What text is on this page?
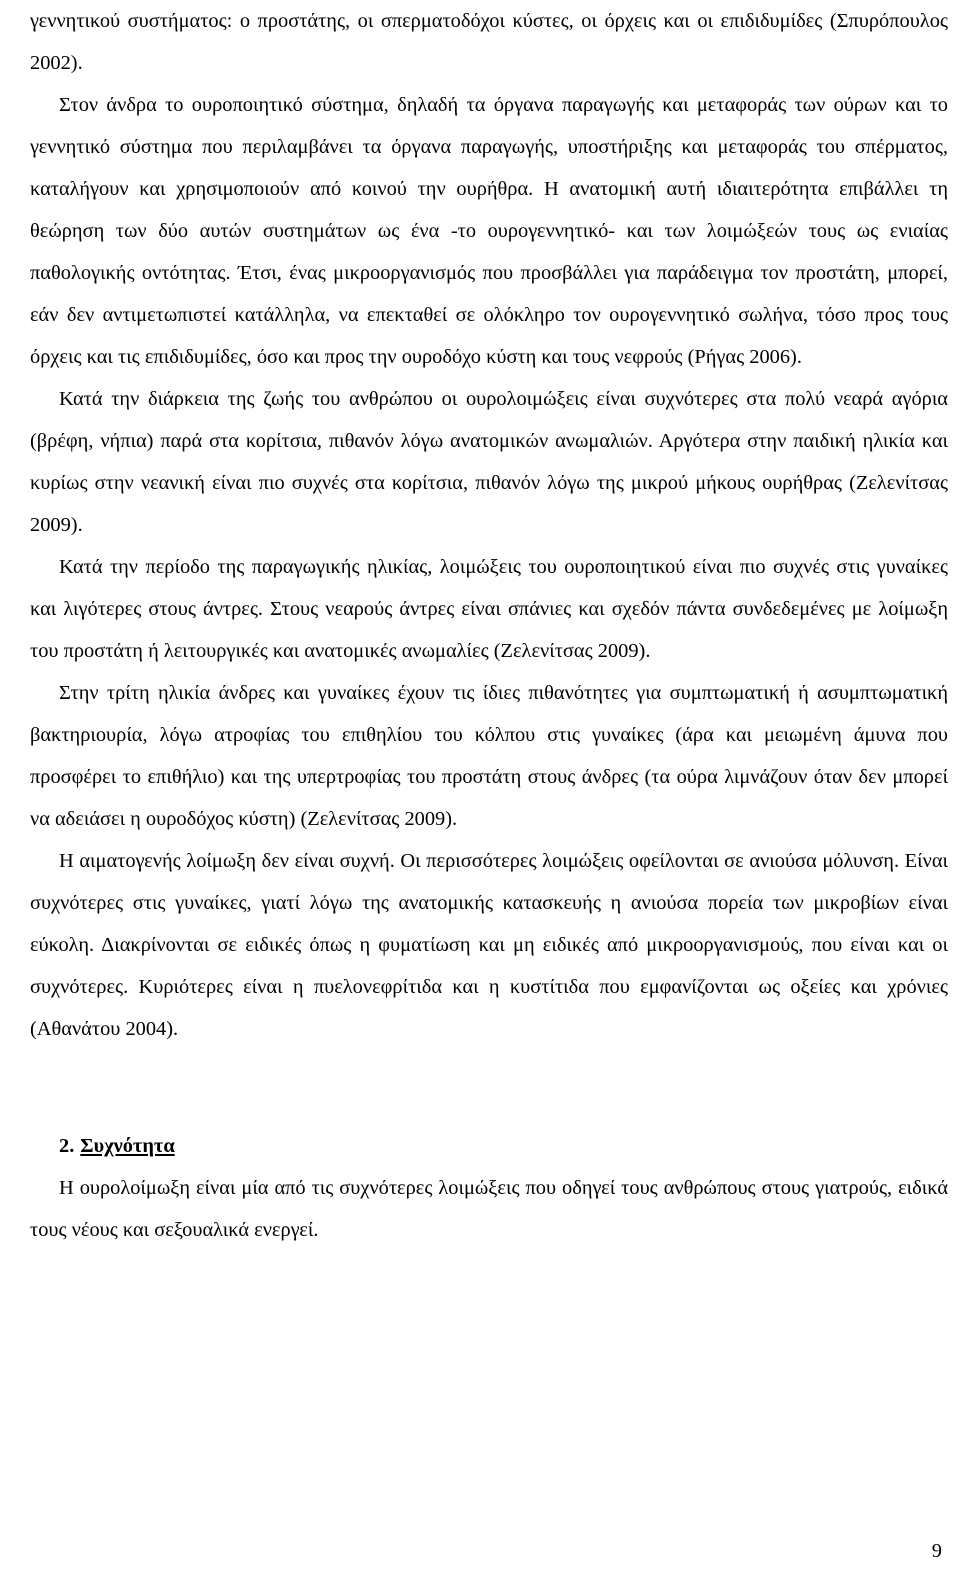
γεννητικού συστήματος: ο προστάτης, οι σπερματοδόχοι κύστες, οι όρχεις και οι επιδιδυμίδες (Σπυρόπουλος 2002).

Στον άνδρα το ουροποιητικό σύστημα, δηλαδή τα όργανα παραγωγής και μεταφοράς των ούρων και το γεννητικό σύστημα που περιλαμβάνει τα όργανα παραγωγής, υποστήριξης και μεταφοράς του σπέρματος, καταλήγουν και χρησιμοποιούν από κοινού την ουρήθρα. Η ανατομική αυτή ιδιαιτερότητα επιβάλλει τη θεώρηση των δύο αυτών συστημάτων ως ένα -το ουρογεννητικό- και των λοιμώξεών τους ως ενιαίας παθολογικής οντότητας. Έτσι, ένας μικροοργανισμός που προσβάλλει για παράδειγμα τον προστάτη, μπορεί, εάν δεν αντιμετωπιστεί κατάλληλα, να επεκταθεί σε ολόκληρο τον ουρογεννητικό σωλήνα, τόσο προς τους όρχεις και τις επιδιδυμίδες, όσο και προς την ουροδόχο κύστη και τους νεφρούς (Ρήγας 2006).

Κατά την διάρκεια της ζωής του ανθρώπου οι ουρολοιμώξεις είναι συχνότερες στα πολύ νεαρά αγόρια (βρέφη, νήπια) παρά στα κορίτσια, πιθανόν λόγω ανατομικών ανωμαλιών. Αργότερα στην παιδική ηλικία και κυρίως στην νεανική είναι πιο συχνές στα κορίτσια, πιθανόν λόγω της μικρού μήκους ουρήθρας (Ζελενίτσας 2009).

Κατά την περίοδο της παραγωγικής ηλικίας, λοιμώξεις του ουροποιητικού είναι πιο συχνές στις γυναίκες και λιγότερες στους άντρες. Στους νεαρούς άντρες είναι σπάνιες και σχεδόν πάντα συνδεδεμένες με λοίμωξη του προστάτη ή λειτουργικές και ανατομικές ανωμαλίες (Ζελενίτσας 2009).

Στην τρίτη ηλικία άνδρες και γυναίκες έχουν τις ίδιες πιθανότητες για συμπτωματική ή ασυμπτωματική βακτηριουρία, λόγω ατροφίας του επιθηλίου του κόλπου στις γυναίκες (άρα και μειωμένη άμυνα που προσφέρει το επιθήλιο) και της υπερτροφίας του προστάτη στους άνδρες (τα ούρα λιμνάζουν όταν δεν μπορεί να αδειάσει η ουροδόχος κύστη) (Ζελενίτσας 2009).

Η αιματογενής λοίμωξη δεν είναι συχνή. Οι περισσότερες λοιμώξεις οφείλονται σε ανιούσα μόλυνση. Είναι συχνότερες στις γυναίκες, γιατί λόγω της ανατομικής κατασκευής η ανιούσα πορεία των μικροβίων είναι εύκολη. Διακρίνονται σε ειδικές όπως η φυματίωση και μη ειδικές από μικροοργανισμούς, που είναι και οι συχνότερες. Κυριότερες είναι η πυελονεφρίτιδα και η κυστίτιδα που εμφανίζονται ως οξείες και χρόνιες (Αθανάτου 2004).

2. Συχνότητα

Η ουρολοίμωξη είναι μία από τις συχνότερες λοιμώξεις που οδηγεί τους ανθρώπους στους γιατρούς, ειδικά τους νέους και σεξουαλικά ενεργεί.

9
